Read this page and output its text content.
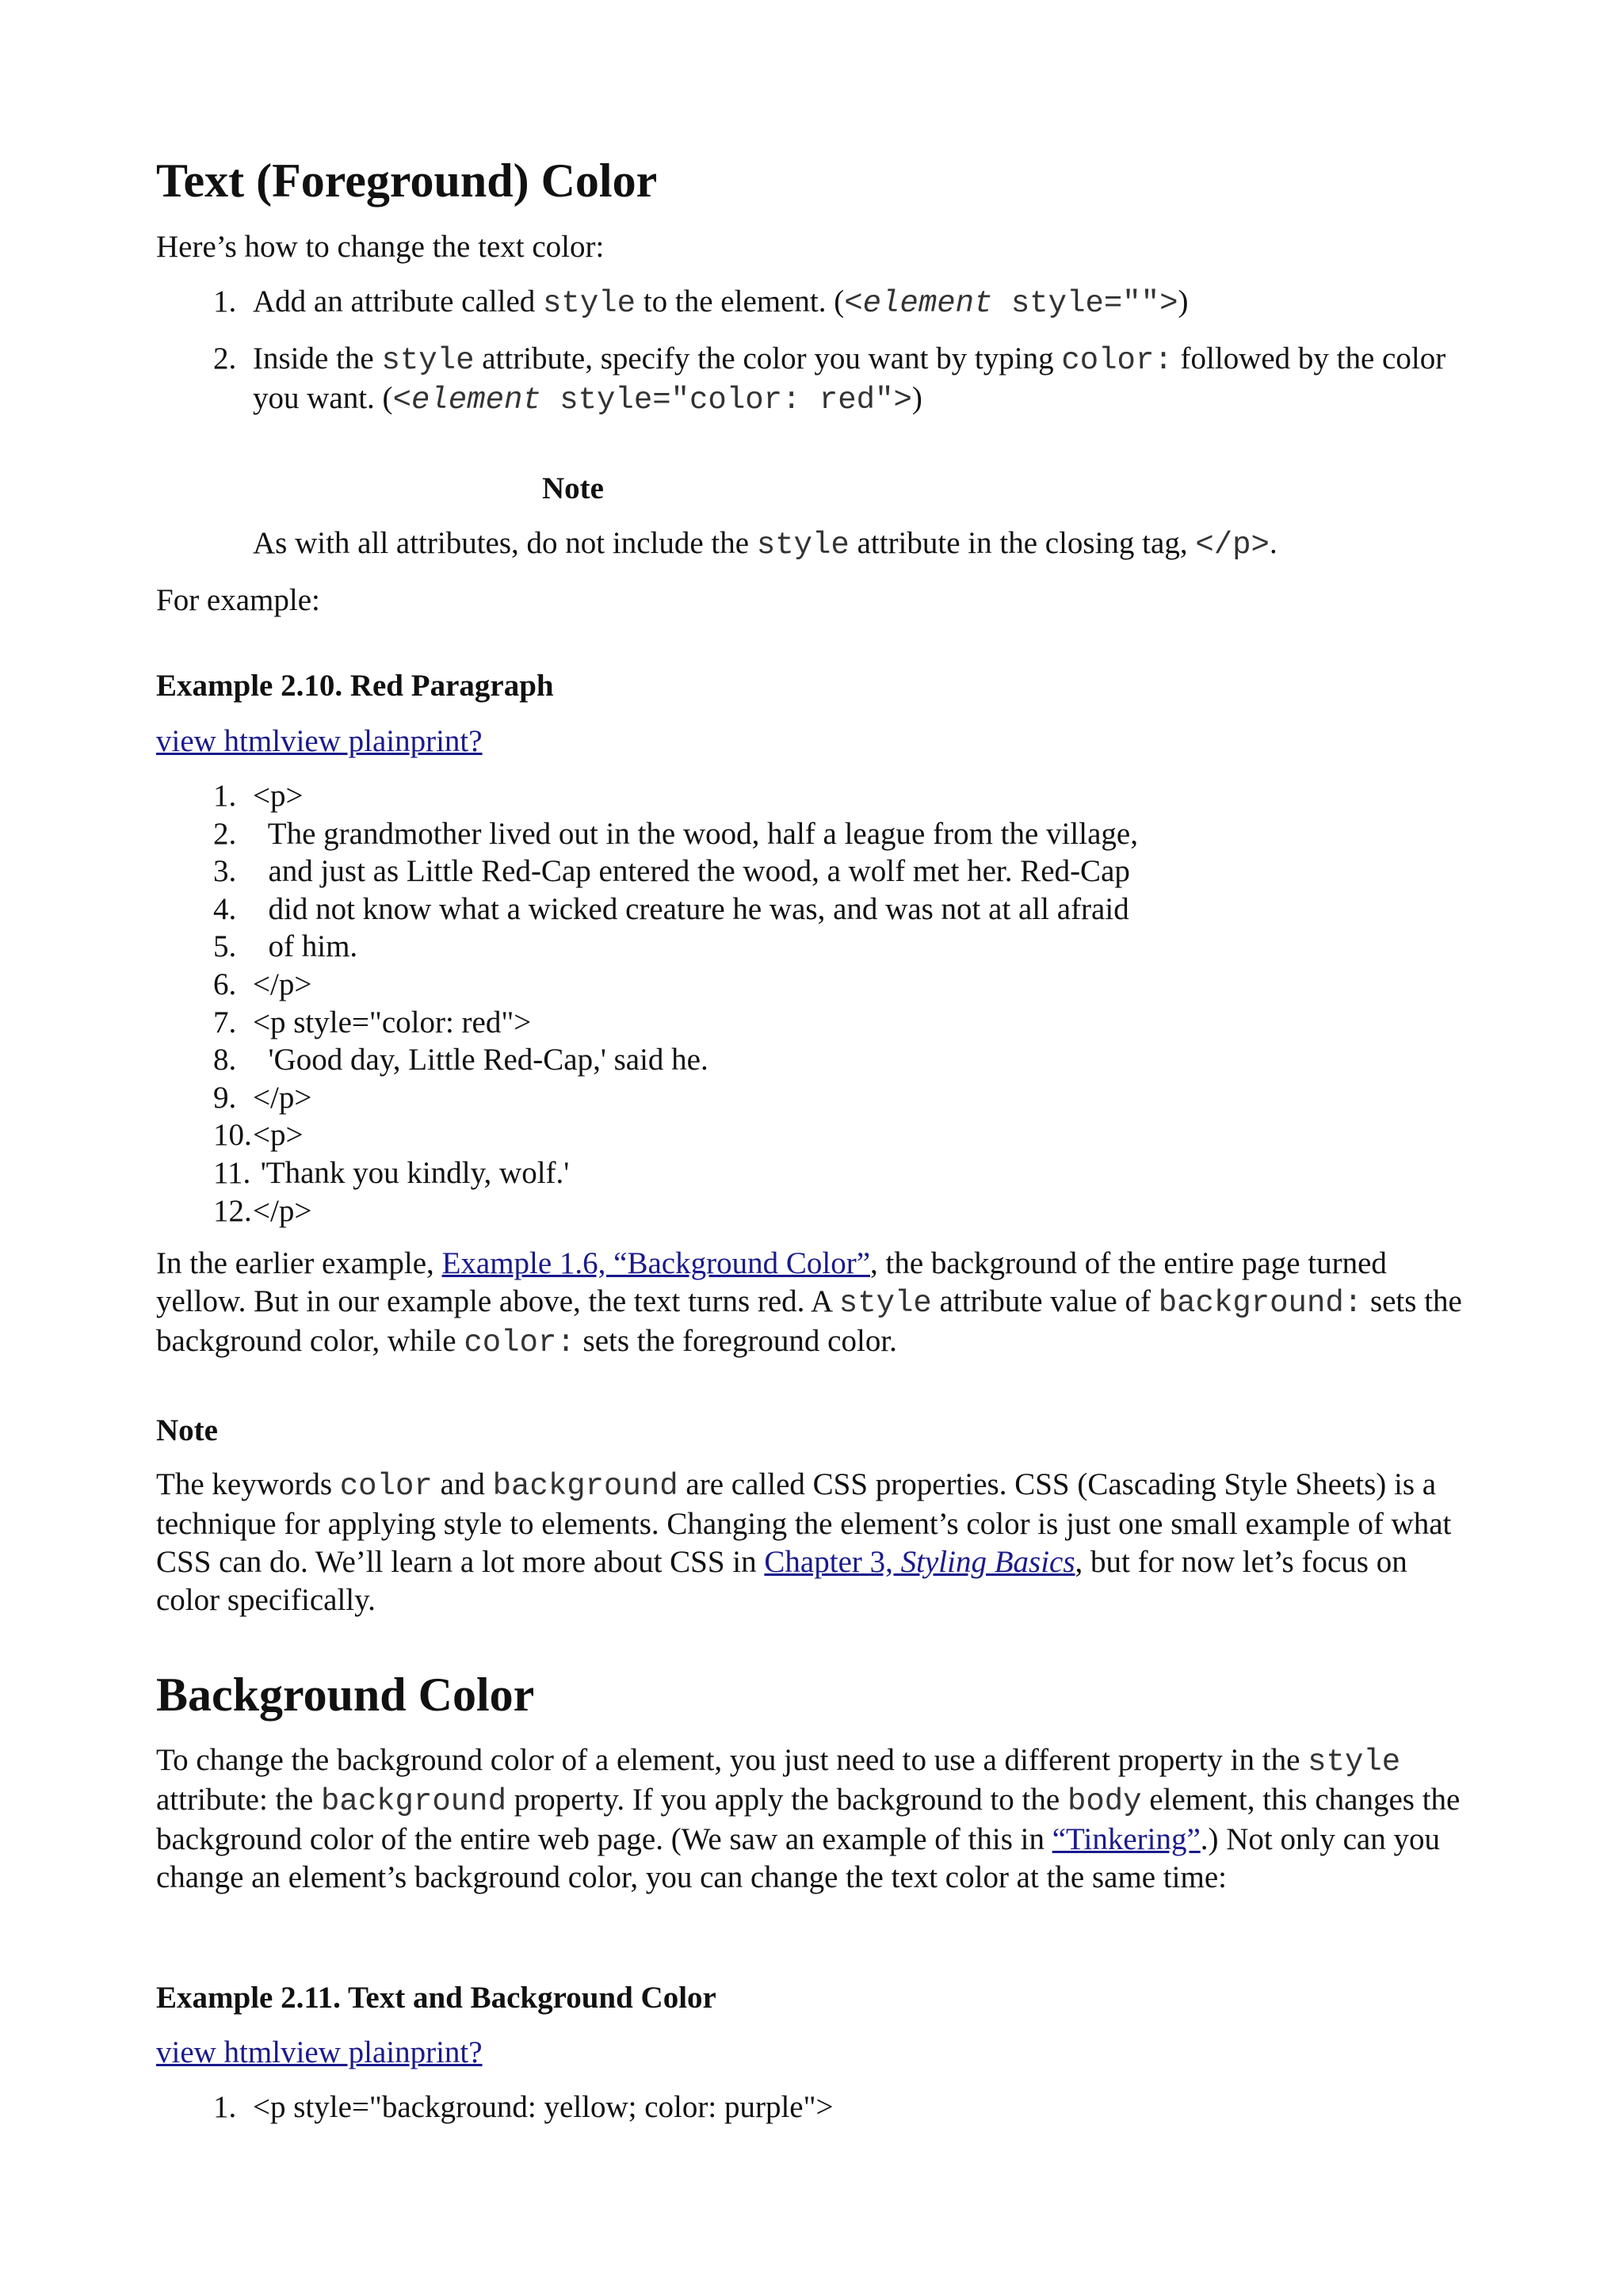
Text (Foreground) Color

Here’s how to change the text color:

1. Add an attribute called style to the element. (<element style="">)
2. Inside the style attribute, specify the color you want by typing color: followed by the color you want. (<element style="color: red">)
Note

As with all attributes, do not include the style attribute in the closing tag, </p>.

For example:

Example 2.10. Red Paragraph
view htmlview plainprint?
1. <p>
2. The grandmother lived out in the wood, half a league from the village,
3. and just as Little Red-Cap entered the wood, a wolf met her. Red-Cap
4. did not know what a wicked creature he was, and was not at all afraid
5. of him.
6. </p>
7. <p style="color: red">
8. 'Good day, Little Red-Cap,' said he.
9. </p>
10. <p>
11. 'Thank you kindly, wolf.'
12. </p>

In the earlier example, Example 1.6, “Background Color”, the background of the entire page turned yellow. But in our example above, the text turns red. A style attribute value of background: sets the background color, while color: sets the foreground color.

Note

The keywords color and background are called CSS properties. CSS (Cascading Style Sheets) is a technique for applying style to elements. Changing the element’s color is just one small example of what CSS can do. We’ll learn a lot more about CSS in Chapter 3, Styling Basics, but for now let’s focus on color specifically.

Background Color

To change the background color of a element, you just need to use a different property in the style attribute: the background property. If you apply the background to the body element, this changes the background color of the entire web page. (We saw an example of this in “Tinkering”.) Not only can you change an element’s background color, you can change the text color at the same time:

Example 2.11. Text and Background Color
view htmlview plainprint?
1. <p style="background: yellow; color: purple">
